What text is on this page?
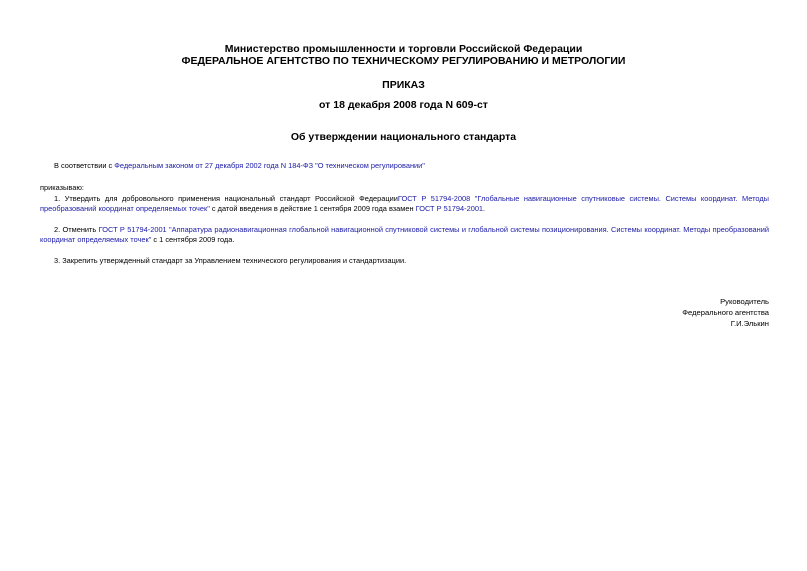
Министерство промышленности и торговли Российской Федерации
ФЕДЕРАЛЬНОЕ АГЕНТСТВО ПО ТЕХНИЧЕСКОМУ РЕГУЛИРОВАНИЮ И МЕТРОЛОГИИ
ПРИКАЗ
от 18 декабря 2008 года N 609-ст
Об утверждении национального стандарта
В соответствии с Федеральным законом от 27 декабря 2002 года N 184-ФЗ "О техническом регулировании"
приказываю:
1. Утвердить для добровольного применения национальный стандарт Российской ФедерацииГОСТ Р 51794-2008 "Глобальные навигационные спутниковые системы. Системы координат. Методы преобразований координат определяемых точек" с датой введения в действие 1 сентября 2009 года взамен ГОСТ Р 51794-2001.
2. Отменить ГОСТ Р 51794-2001 "Аппаратура радионавигационная глобальной навигационной спутниковой системы и глобальной системы позиционирования. Системы координат. Методы преобразований координат определяемых точек" с 1 сентября 2009 года.
3. Закрепить утвержденный стандарт за Управлением технического регулирования и стандартизации.
Руководитель
Федерального агентства
Г.И.Элькин
